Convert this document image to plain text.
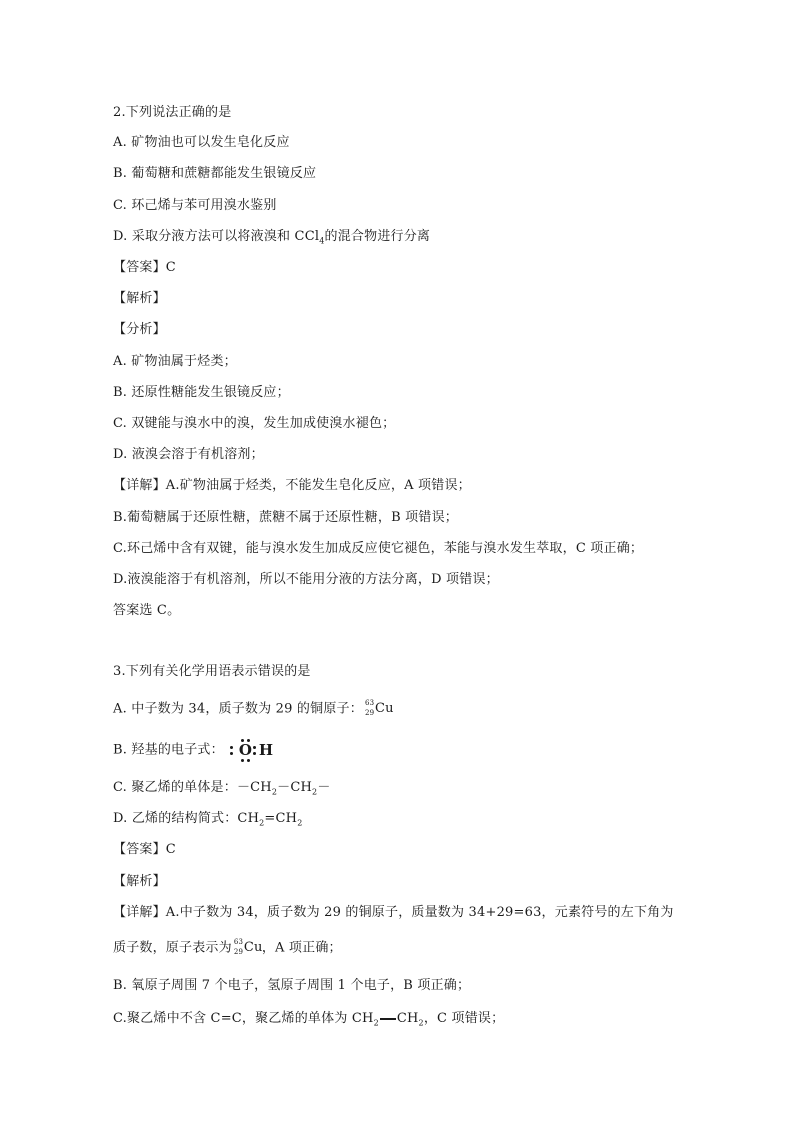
2.下列说法正确的是
A. 矿物油也可以发生皂化反应
B. 葡萄糖和蔗糖都能发生银镜反应
C. 环己烯与苯可用溴水鉴别
D. 采取分液方法可以将液溴和 CCl$_4$的混合物进行分离
【答案】C
【解析】
【分析】
A. 矿物油属于烃类；
B. 还原性糖能发生银镜反应；
C. 双键能与溴水中的溴，发生加成使溴水褪色；
D. 液溴会溶于有机溶剂；
【详解】A.矿物油属于烃类，不能发生皂化反应，A 项错误；
B.葡萄糖属于还原性糖，蔗糖不属于还原性糖，B 项错误；
C.环己烯中含有双键，能与溴水发生加成反应使它褪色，苯能与溴水发生萃取，C 项正确；
D.液溴能溶于有机溶剂，所以不能用分液的方法分离，D 项错误；
答案选 C。
3.下列有关化学用语表示错误的是
A. 中子数为 34，质子数为 29 的铜原子： 63
29 Cu
B. 羟基的电子式： O H
C. 聚乙烯的单体是：$-CH_2-CH_2-$
D. 乙烯的结构简式：$CH_2=CH_2$
【答案】C
【解析】
【详解】A.中子数为 34，质子数为 29 的铜原子，质量数为 34+29=63，元素符号的左下角为
质子数，原子表示为 63
29 Cu ，A 项正确；
B. 氧原子周围 7 个电子，氢原子周围 1 个电子，B 项正确；
C.聚乙烯中不含 C=C，聚乙烯的单体为 $CH_2$ $CH_2$，C 项错误；
